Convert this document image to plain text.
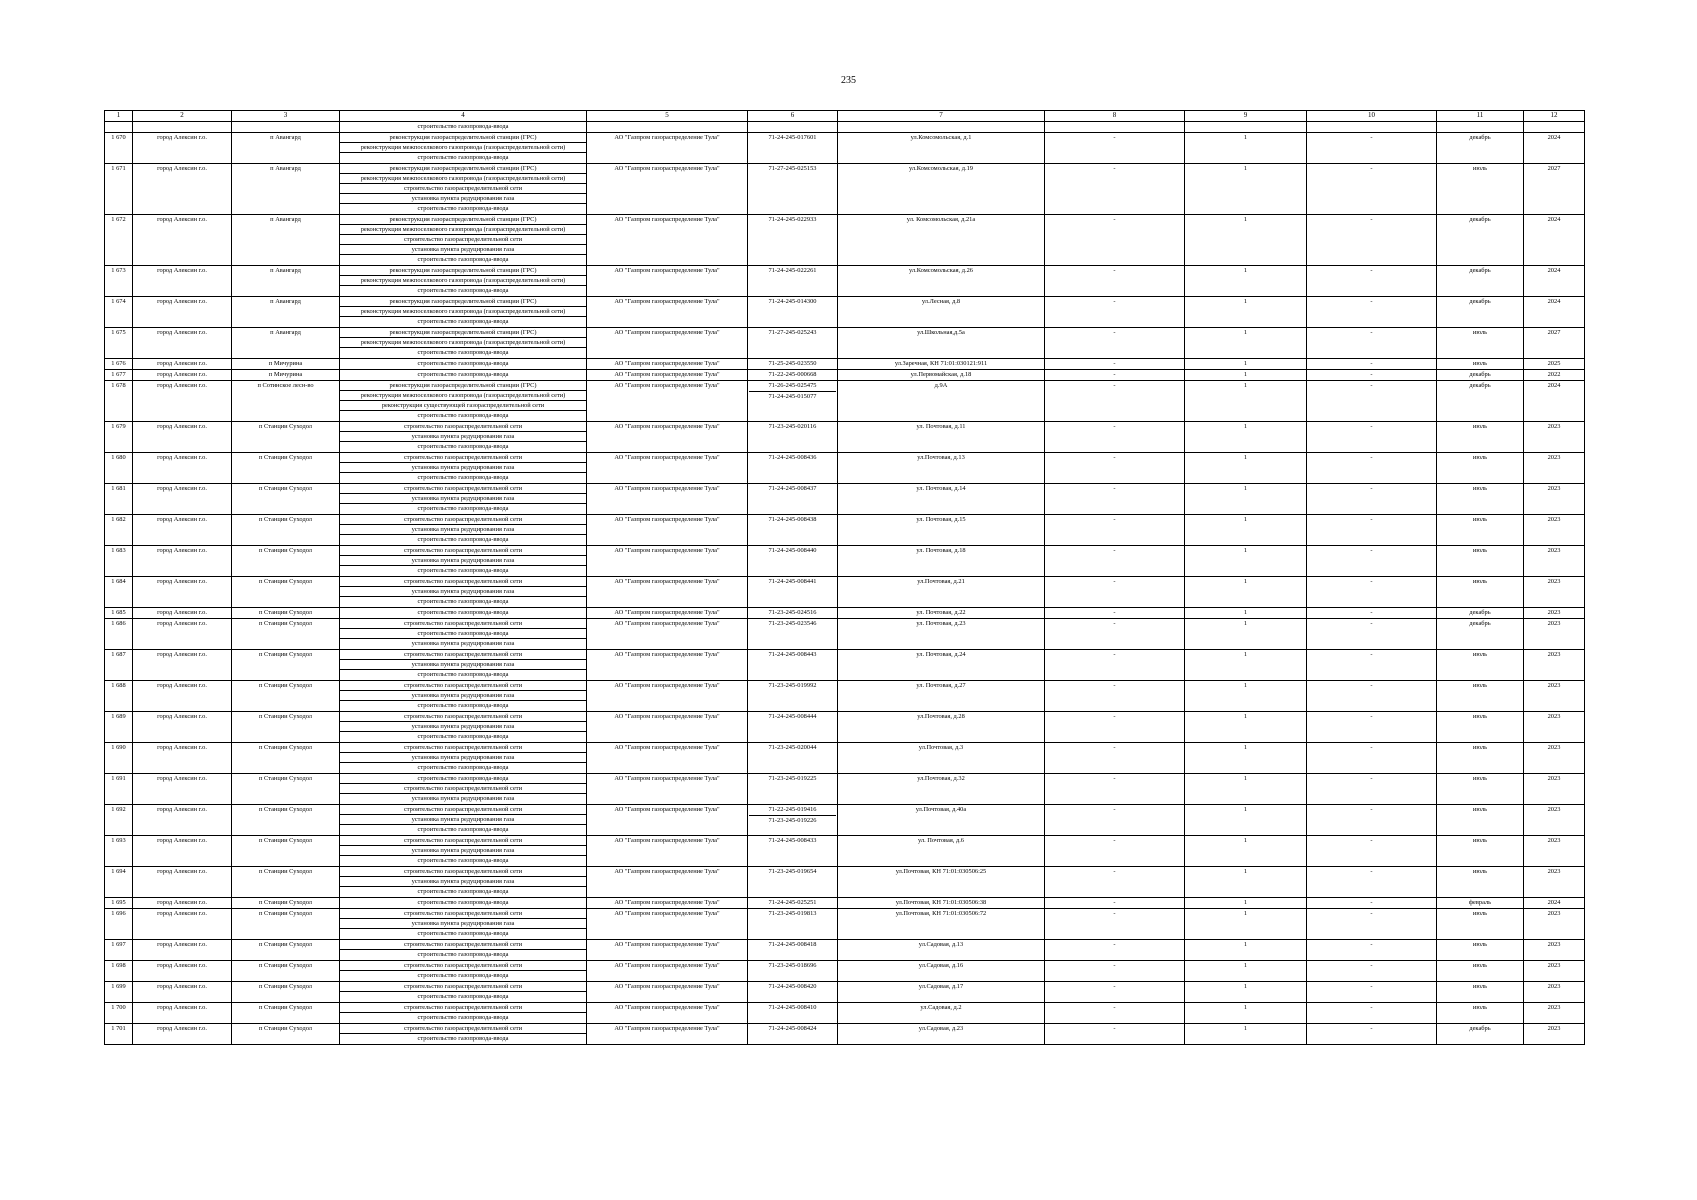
235
1	2	3	4	5	6	7	8	9	10	11	12

			строительство газопровода-ввода								

1 670	город Алексин г.о.	п Авангард	реконструкция газораспределительной станции (ГРС)
реконструкция межпоселкового газопровода (газораспределительной сети)
строительство газопровода-ввода	АО "Газпром газораспределение Тула"	71-24-245-017601	ул.Комсомольская, д.1	-	1	-	декабрь	2024
1 671	город Алексин г.о.	п Авангард	реконструкция газораспределительной станции (ГРС)
реконструкция межпоселкового газопровода (газораспределительной сети)
строительство газораспределительной сети
установка пункта редуцирования газа
строительство газопровода-ввода	АО "Газпром газораспределение Тула"	71-27-245-025153	ул.Комсомольская, д.19	-	1	-	июль	2027
1 672	город Алексин г.о.	п Авангард	реконструкция газораспределительной станции (ГРС)
реконструкция межпоселкового газопровода (газораспределительной сети)
строительство газораспределительной сети
установка пункта редуцирования газа
строительство газопровода-ввода	АО "Газпром газораспределение Тула"	71-24-245-022933	ул. Комсомольская, д.21а	-	1	-	декабрь	2024
1 673	город Алексин г.о.	п Авангард	реконструкция газораспределительной станции (ГРС)
реконструкция межпоселкового газопровода (газораспределительной сети)
строительство газопровода-ввода	АО "Газпром газораспределение Тула"	71-24-245-022261	ул.Комсомольская, д.26	-	1	-	декабрь	2024
1 674	город Алексин г.о.	п Авангард	реконструкция газораспределительной станции (ГРС)
реконструкция межпоселкового газопровода (газораспределительной сети)
строительство газопровода-ввода	АО "Газпром газораспределение Тула"	71-24-245-014300	ул.Лесная, д.8	-	1	-	декабрь	2024
1 675	город Алексин г.о.	п Авангард	реконструкция газораспределительной станции (ГРС)
реконструкция межпоселкового газопровода (газораспределительной сети)
строительство газопровода-ввода	АО "Газпром газораспределение Тула"	71-27-245-025243	ул.Школьная,д.5а	-	1	-	июль	2027
1 676	город Алексин г.о.	п Мичурина	строительство газопровода-ввода	АО "Газпром газораспределение Тула"	71-25-245-023550	ул.Заречная, КН 71:01:030121:911	-	1	-	июль	2025
1 677	город Алексин г.о.	п Мичурина	строительство газопровода-ввода	АО "Газпром газораспределение Тула"	71-22-245-000668	ул.Первомайская, д.18	-	1	-	декабрь	2022
1 678	город Алексин г.о.	п Сотинское лесн-во	реконструкция газораспределительной станции (ГРС)
реконструкция межпоселкового газопровода (газораспределительной сети)
реконструкция существующей газораспределительной сети
строительство газопровода-ввода	АО "Газпром газораспределение Тула"	71-26-245-025475
71-24-245-015077	д.9А	-	1	-	декабрь	2024
1 679	город Алексин г.о.	п Станции Суходол	строительство газораспределительной сети
установка пункта редуцирования газа
строительство газопровода-ввода	АО "Газпром газораспределение Тула"	71-23-245-020116	ул. Почтовая, д.11	-	1	-	июль	2023
1 680	город Алексин г.о.	п Станции Суходол	строительство газораспределительной сети
установка пункта редуцирования газа
строительство газопровода-ввода	АО "Газпром газораспределение Тула"	71-24-245-008436	ул.Почтовая, д.13	-	1	-	июль	2023
1 681	город Алексин г.о.	п Станции Суходол	строительство газораспределительной сети
установка пункта редуцирования газа
строительство газопровода-ввода	АО "Газпром газораспределение Тула"	71-24-245-008437	ул. Почтовая, д.14	-	1	-	июль	2023
1 682	город Алексин г.о.	п Станции Суходол	строительство газораспределительной сети
установка пункта редуцирования газа
строительство газопровода-ввода	АО "Газпром газораспределение Тула"	71-24-245-008438	ул. Почтовая, д.15	-	1	-	июль	2023
1 683	город Алексин г.о.	п Станции Суходол	строительство газораспределительной сети
установка пункта редуцирования газа
строительство газопровода-ввода	АО "Газпром газораспределение Тула"	71-24-245-008440	ул. Почтовая, д.18	-	1	-	июль	2023
1 684	город Алексин г.о.	п Станции Суходол	строительство газораспределительной сети
установка пункта редуцирования газа
строительство газопровода-ввода	АО "Газпром газораспределение Тула"	71-24-245-008441	ул.Почтовая, д.21	-	1	-	июль	2023
1 685	город Алексин г.о.	п Станции Суходол	строительство газопровода-ввода	АО "Газпром газораспределение Тула"	71-23-245-024516	ул. Почтовая, д.22	-	1	-	декабрь	2023
1 686	город Алексин г.о.	п Станции Суходол	строительство газораспределительной сети
строительство газопровода-ввода
установка пункта редуцирования газа	АО "Газпром газораспределение Тула"	71-23-245-023546	ул. Почтовая, д.23	-	1	-	декабрь	2023
1 687	город Алексин г.о.	п Станции Суходол	строительство газораспределительной сети
установка пункта редуцирования газа
строительство газопровода-ввода	АО "Газпром газораспределение Тула"	71-24-245-008443	ул. Почтовая, д.24	-	1	-	июль	2023
1 688	город Алексин г.о.	п Станции Суходол	строительство газораспределительной сети
установка пункта редуцирования газа
строительство газопровода-ввода	АО "Газпром газораспределение Тула"	71-23-245-019992	ул. Почтовая, д.27	-	1	-	июль	2023
1 689	город Алексин г.о.	п Станции Суходол	строительство газораспределительной сети
установка пункта редуцирования газа
строительство газопровода-ввода	АО "Газпром газораспределение Тула"	71-24-245-008444	ул.Почтовая, д.28	-	1	-	июль	2023
1 690	город Алексин г.о.	п Станции Суходол	строительство газораспределительной сети
установка пункта редуцирования газа
строительство газопровода-ввода	АО "Газпром газораспределение Тула"	71-23-245-020044	ул.Почтовая, д.3	-	1	-	июль	2023
1 691	город Алексин г.о.	п Станции Суходол	строительство газопровода-ввода
строительство газораспределительной сети
установка пункта редуцирования газа	АО "Газпром газораспределение Тула"	71-23-245-019225	ул.Почтовая, д.32	-	1	-	июль	2023
1 692	город Алексин г.о.	п Станции Суходол	строительство газораспределительной сети
установка пункта редуцирования газа
строительство газопровода-ввода	АО "Газпром газораспределение Тула"	71-22-245-019416
71-23-245-019226	ул.Почтовая, д.40а	-	1	-	июль	2023
1 693	город Алексин г.о.	п Станции Суходол	строительство газораспределительной сети
установка пункта редуцирования газа
строительство газопровода-ввода	АО "Газпром газораспределение Тула"	71-24-245-008433	ул. Почтовая, д.6	-	1	-	июль	2023
1 694	город Алексин г.о.	п Станции Суходол	строительство газораспределительной сети
установка пункта редуцирования газа
строительство газопровода-ввода	АО "Газпром газораспределение Тула"	71-23-245-019654	ул.Почтовая, КН 71:01:030506:25	-	1	-	июль	2023
1 695	город Алексин г.о.	п Станции Суходол	строительство газопровода-ввода	АО "Газпром газораспределение Тула"	71-24-245-025251	ул.Почтовая, КН 71:01:030506:38	-	1	-	февраль	2024
1 696	город Алексин г.о.	п Станции Суходол	строительство газораспределительной сети
установка пункта редуцирования газа
строительство газопровода-ввода	АО "Газпром газораспределение Тула"	71-23-245-019813	ул.Почтовая, КН 71:01:030506:72	-	1	-	июль	2023
1 697	город Алексин г.о.	п Станции Суходол	строительство газораспределительной сети
строительство газопровода-ввода	АО "Газпром газораспределение Тула"	71-24-245-008418	ул.Садовая, д.13	-	1	-	июль	2023
1 698	город Алексин г.о.	п Станции Суходол	строительство газораспределительной сети
строительство газопровода-ввода	АО "Газпром газораспределение Тула"	71-23-245-018696	ул.Садовая, д.16	-	1	-	июль	2023
1 699	город Алексин г.о.	п Станции Суходол	строительство газораспределительной сети
строительство газопровода-ввода	АО "Газпром газораспределение Тула"	71-24-245-008420	ул.Садовая, д.17	-	1	-	июль	2023
1 700	город Алексин г.о.	п Станции Суходол	строительство газораспределительной сети
строительство газопровода-ввода	АО "Газпром газораспределение Тула"	71-24-245-008410	ул.Садовая, д.2	-	1	-	июль	2023
1 701	город Алексин г.о.	п Станции Суходол	строительство газораспределительной сети
строительство газопровода-ввода	АО "Газпром газораспределение Тула"	71-24-245-008424	ул.Садовая, д.23	-	1	-	декабрь	2023
